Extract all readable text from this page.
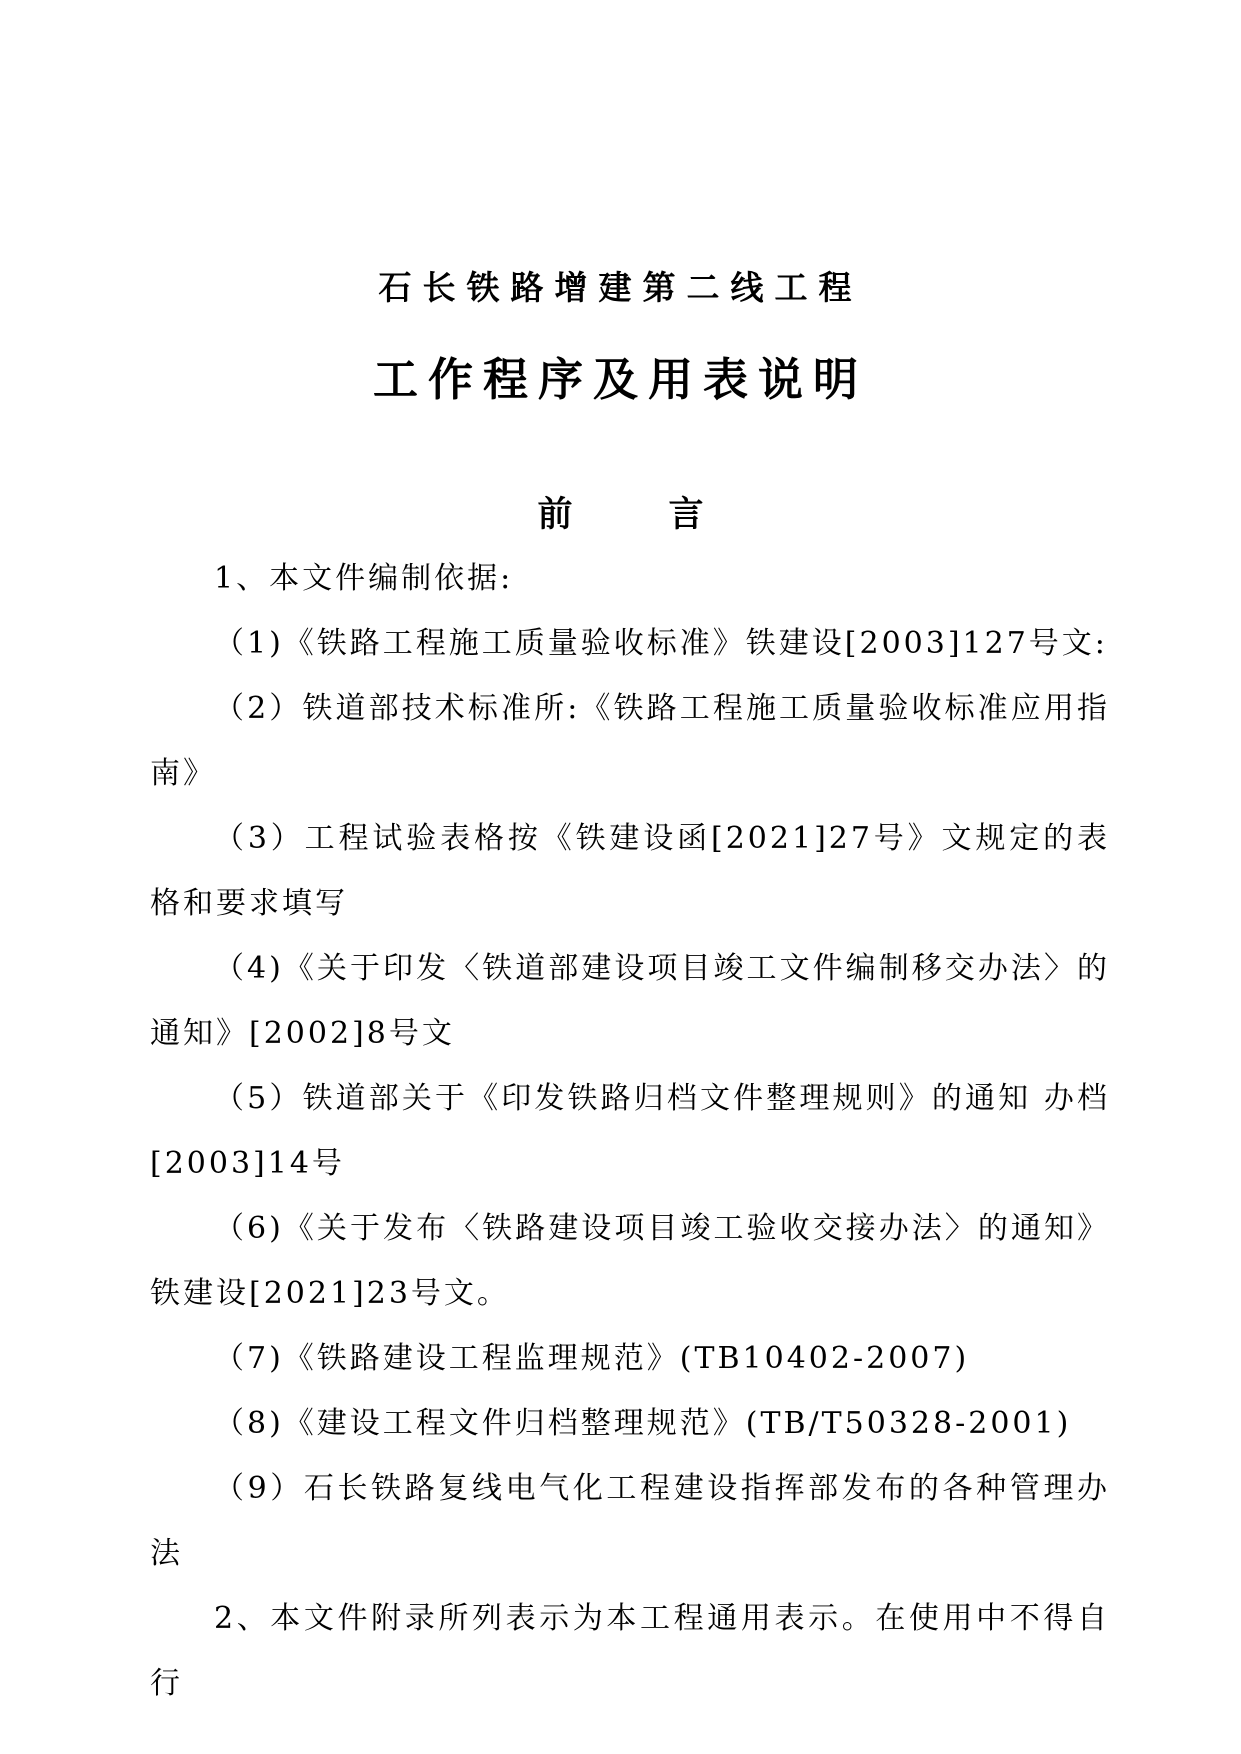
石长铁路增建第二线工程
工作程序及用表说明
前	言

1、本文件编制依据:

（1)《铁路工程施工质量验收标准》铁建设[2003]127号文:

（2）铁道部技术标准所:《铁路工程施工质量验收标准应用指南》

（3）工程试验表格按《铁建设函[2021]27号》文规定的表格和要求填写

（4)《关于印发〈铁道部建设项目竣工文件编制移交办法〉的通知》[2002]8号文

（5）铁道部关于《印发铁路归档文件整理规则》的通知 办档[2003]14号

（6)《关于发布〈铁路建设项目竣工验收交接办法〉的通知》铁建设[2021]23号文。

（7)《铁路建设工程监理规范》(TB10402-2007)

（8)《建设工程文件归档整理规范》(TB/T50328-2001)

（9）石长铁路复线电气化工程建设指挥部发布的各种管理办法

2、本文件附录所列表示为本工程通用表示。在使用中不得自行
